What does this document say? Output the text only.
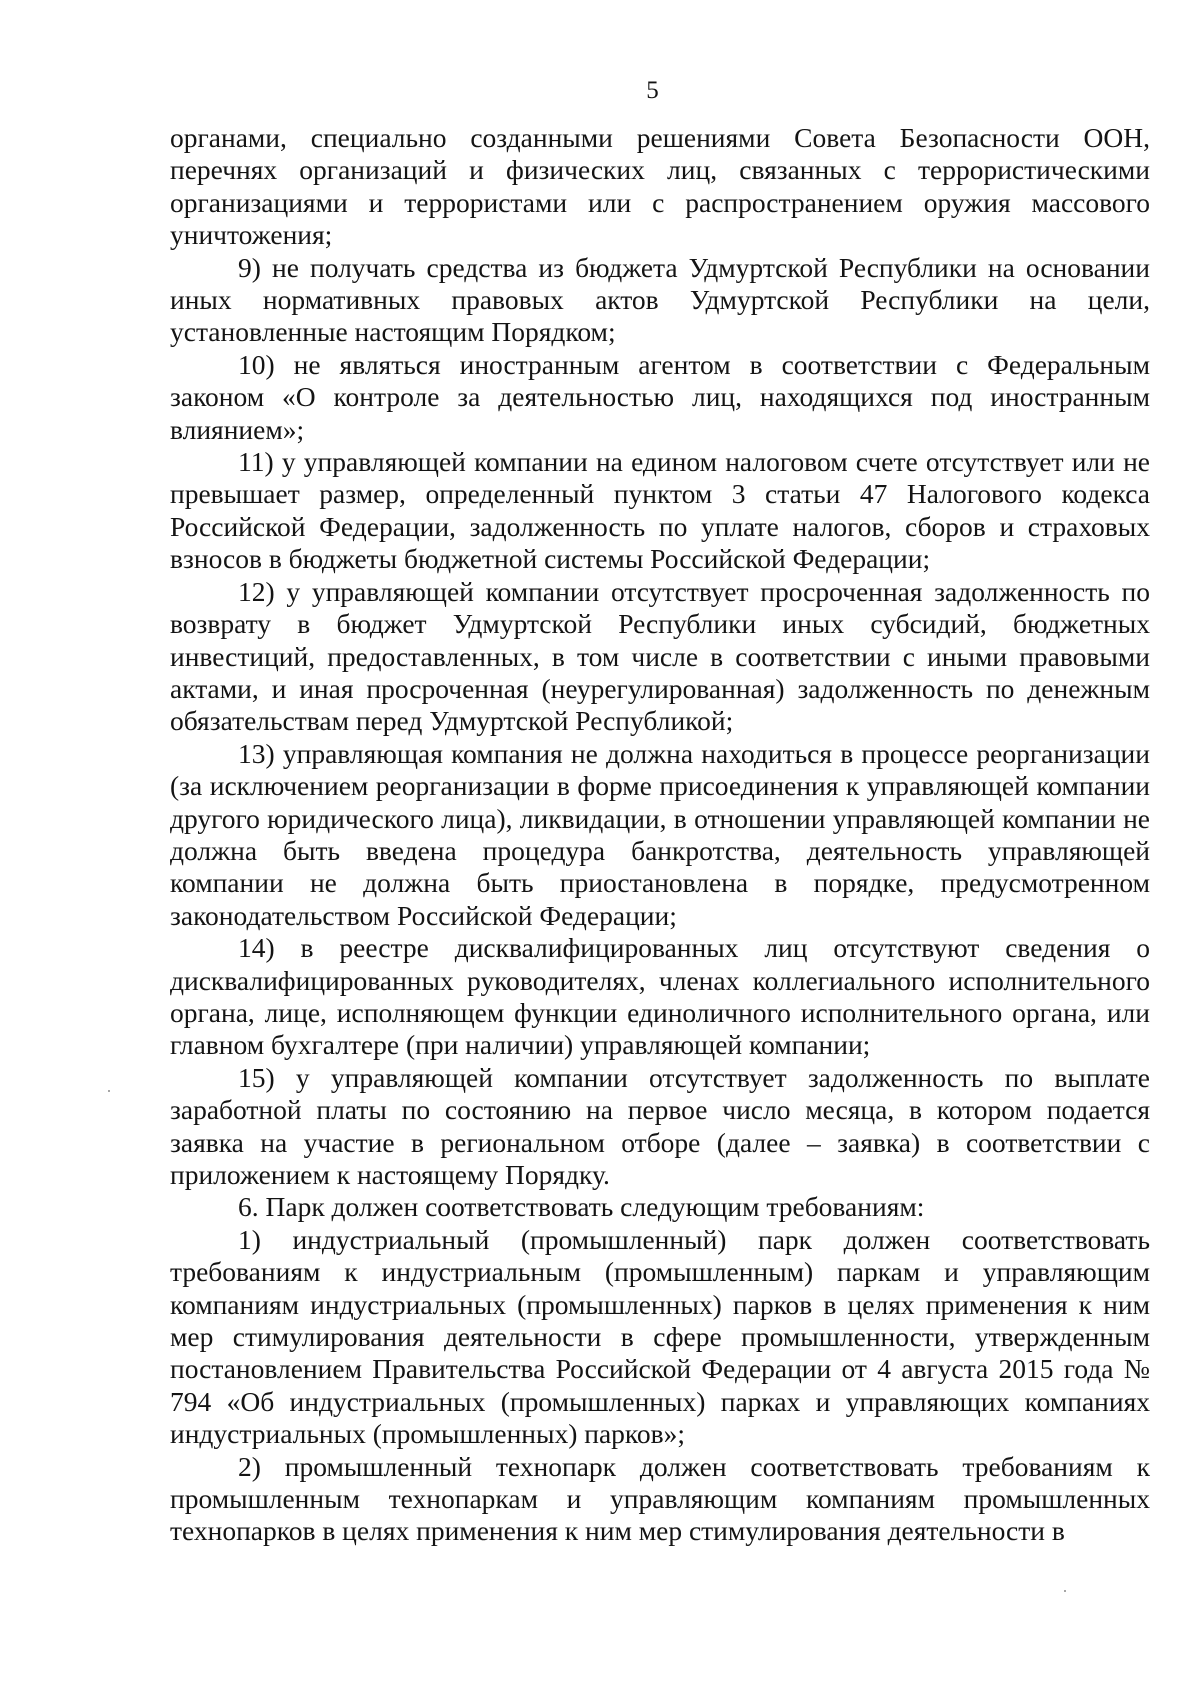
5

органами, специально созданными решениями Совета Безопасности ООН, перечнях организаций и физических лиц, связанных с террористическими организациями и террористами или с распространением оружия массового уничтожения;

9) не получать средства из бюджета Удмуртской Республики на основании иных нормативных правовых актов Удмуртской Республики на цели, установленные настоящим Порядком;

10) не являться иностранным агентом в соответствии с Федеральным законом «О контроле за деятельностью лиц, находящихся под иностранным влиянием»;

11) у управляющей компании на едином налоговом счете отсутствует или не превышает размер, определенный пунктом 3 статьи 47 Налогового кодекса Российской Федерации, задолженность по уплате налогов, сборов и страховых взносов в бюджеты бюджетной системы Российской Федерации;

12) у управляющей компании отсутствует просроченная задолженность по возврату в бюджет Удмуртской Республики иных субсидий, бюджетных инвестиций, предоставленных, в том числе в соответствии с иными правовыми актами, и иная просроченная (неурегулированная) задолженность по денежным обязательствам перед Удмуртской Республикой;

13) управляющая компания не должна находиться в процессе реорганизации (за исключением реорганизации в форме присоединения к управляющей компании другого юридического лица), ликвидации, в отношении управляющей компании не должна быть введена процедура банкротства, деятельность управляющей компании не должна быть приостановлена в порядке, предусмотренном законодательством Российской Федерации;

14) в реестре дисквалифицированных лиц отсутствуют сведения о дисквалифицированных руководителях, членах коллегиального исполнительного органа, лице, исполняющем функции единоличного исполнительного органа, или главном бухгалтере (при наличии) управляющей компании;

15) у управляющей компании отсутствует задолженность по выплате заработной платы по состоянию на первое число месяца, в котором подается заявка на участие в региональном отборе (далее – заявка) в соответствии с приложением к настоящему Порядку.

6. Парк должен соответствовать следующим требованиям:

1) индустриальный (промышленный) парк должен соответствовать требованиям к индустриальным (промышленным) паркам и управляющим компаниям индустриальных (промышленных) парков в целях применения к ним мер стимулирования деятельности в сфере промышленности, утвержденным постановлением Правительства Российской Федерации от 4 августа 2015 года № 794 «Об индустриальных (промышленных) парках и управляющих компаниях индустриальных (промышленных) парков»;

2) промышленный технопарк должен соответствовать требованиям к промышленным технопаркам и управляющим компаниям промышленных технопарков в целях применения к ним мер стимулирования деятельности в
